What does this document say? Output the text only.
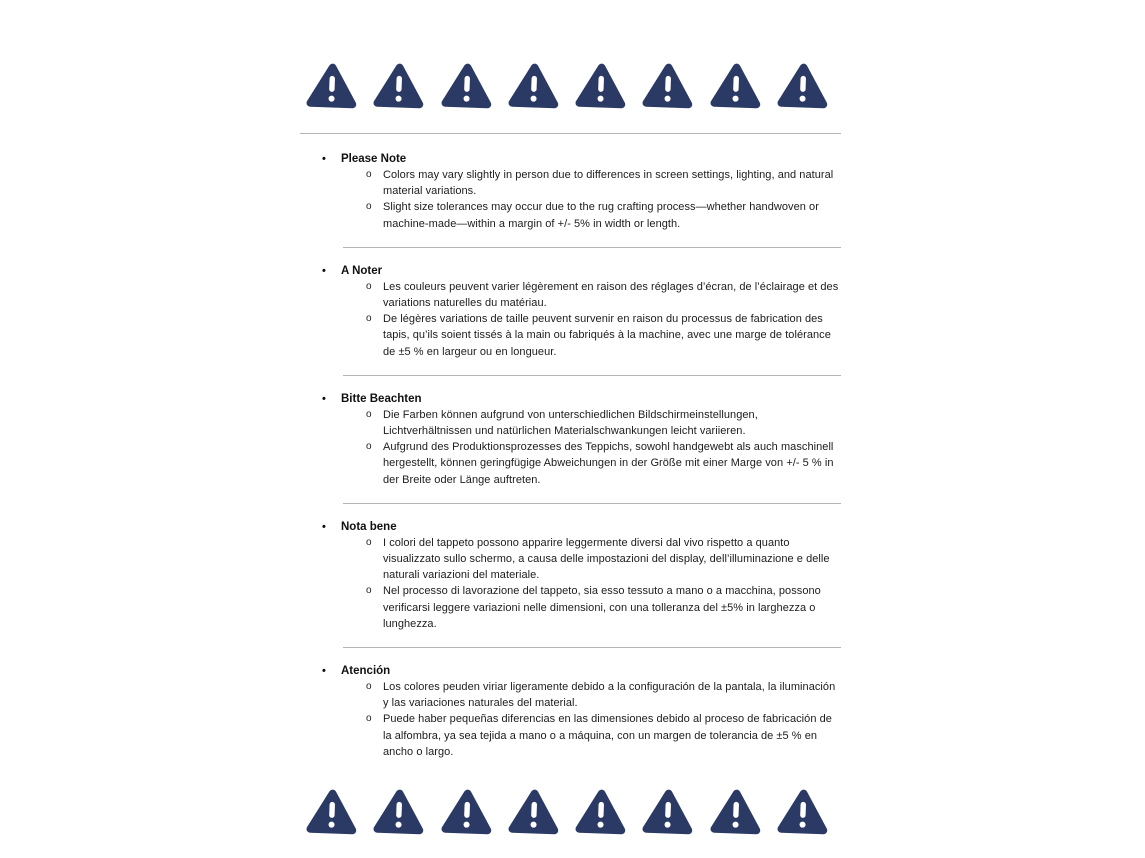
•	Please Note
o	Colors may vary slightly in person due to differences in screen settings, lighting, and natural material variations.
o	Slight size tolerances may occur due to the rug crafting process—whether handwoven or machine-made—within a margin of +/- 5% in width or length.
•	A Noter
o	Les couleurs peuvent varier légèrement en raison des réglages d’écran, de l’éclairage et des variations naturelles du matériau.
o	De légères variations de taille peuvent survenir en raison du processus de fabrication des tapis, qu’ils soient tissés à la main ou fabriqués à la machine, avec une marge de tolérance de ±5 % en largeur ou en longueur.
•	Bitte Beachten
o	Die Farben können aufgrund von unterschiedlichen Bildschirmeinstellungen, Lichtverhältnissen und natürlichen Materialschwankungen leicht variieren.
o	Aufgrund des Produktionsprozesses des Teppichs, sowohl handgewebt als auch maschinell hergestellt, können geringfügige Abweichungen in der Größe mit einer Marge von +/- 5 % in der Breite oder Länge auftreten.
•	Nota bene
o	I colori del tappeto possono apparire leggermente diversi dal vivo rispetto a quanto visualizzato sullo schermo, a causa delle impostazioni del display, dell’illuminazione e delle naturali variazioni del materiale.
o	Nel processo di lavorazione del tappeto, sia esso tessuto a mano o a macchina, possono verificarsi leggere variazioni nelle dimensioni, con una tolleranza del ±5% in larghezza o lunghezza.
•	Atención
o	Los colores peuden viriar ligeramente debido a la configuración de la pantala, la iluminación y las variaciones naturales del material.
o	Puede haber pequeñas diferencias en las dimensiones debido al proceso de fabricación de la alfombra, ya sea tejida a mano o a máquina, con un margen de tolerancia de ±5 % en ancho o largo.
